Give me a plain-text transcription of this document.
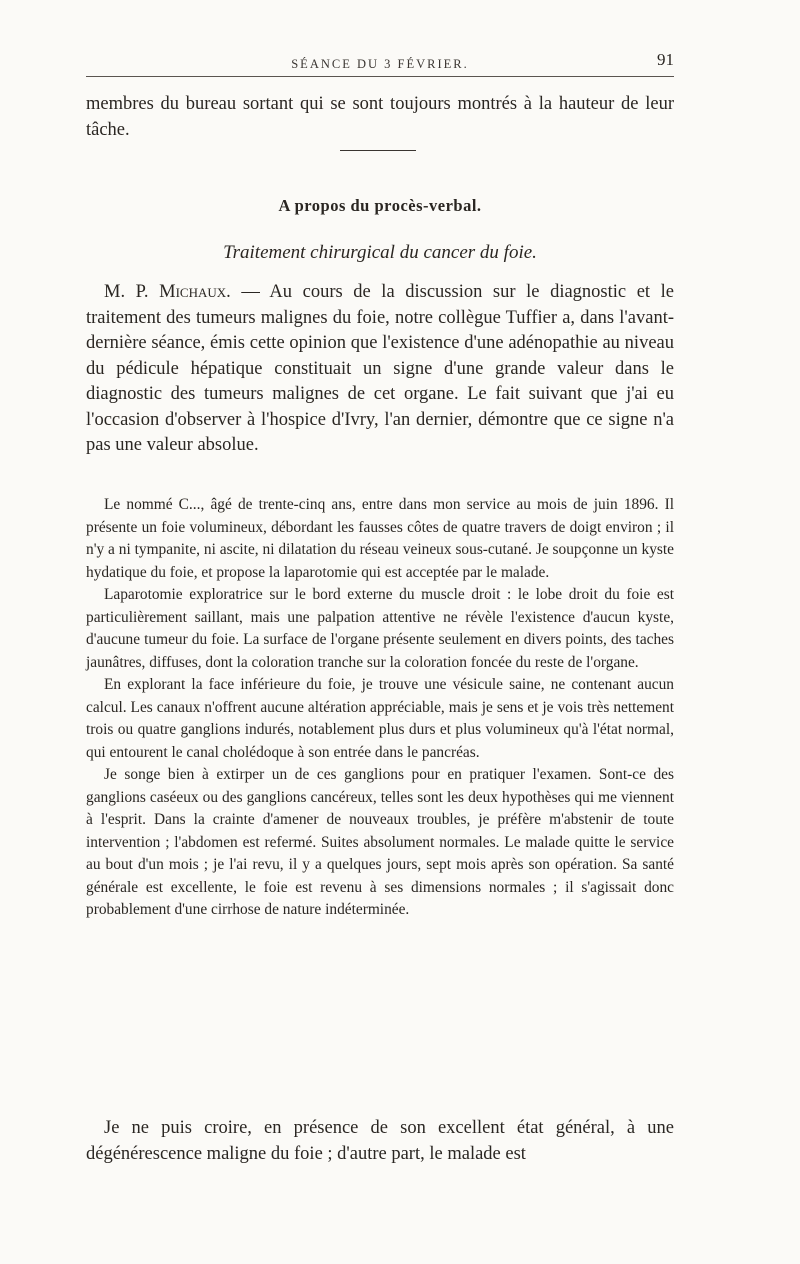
SÉANCE DU 3 FÉVRIER.	91

membres du bureau sortant qui se sont toujours montrés à la hauteur de leur tâche.

A propos du procès-verbal.
Traitement chirurgical du cancer du foie.

M. P. Michaux. — Au cours de la discussion sur le diagnostic et le traitement des tumeurs malignes du foie, notre collègue Tuffier a, dans l'avant-dernière séance, émis cette opinion que l'existence d'une adénopathie au niveau du pédicule hépatique constituait un signe d'une grande valeur dans le diagnostic des tumeurs malignes de cet organe. Le fait suivant que j'ai eu l'occasion d'observer à l'hospice d'Ivry, l'an dernier, démontre que ce signe n'a pas une valeur absolue.

Le nommé C..., âgé de trente-cinq ans, entre dans mon service au mois de juin 1896. Il présente un foie volumineux, débordant les fausses côtes de quatre travers de doigt environ ; il n'y a ni tympanite, ni ascite, ni dilatation du réseau veineux sous-cutané. Je soupçonne un kyste hydatique du foie, et propose la laparotomie qui est acceptée par le malade.

Laparotomie exploratrice sur le bord externe du muscle droit : le lobe droit du foie est particulièrement saillant, mais une palpation attentive ne révèle l'existence d'aucun kyste, d'aucune tumeur du foie. La surface de l'organe présente seulement en divers points, des taches jaunâtres, diffuses, dont la coloration tranche sur la coloration foncée du reste de l'organe.

En explorant la face inférieure du foie, je trouve une vésicule saine, ne contenant aucun calcul. Les canaux n'offrent aucune altération appréciable, mais je sens et je vois très nettement trois ou quatre ganglions indurés, notablement plus durs et plus volumineux qu'à l'état normal, qui entourent le canal cholédoque à son entrée dans le pancréas.

Je songe bien à extirper un de ces ganglions pour en pratiquer l'examen. Sont-ce des ganglions caséeux ou des ganglions cancéreux, telles sont les deux hypothèses qui me viennent à l'esprit. Dans la crainte d'amener de nouveaux troubles, je préfère m'abstenir de toute intervention ; l'abdomen est refermé. Suites absolument normales. Le malade quitte le service au bout d'un mois ; je l'ai revu, il y a quelques jours, sept mois après son opération. Sa santé générale est excellente, le foie est revenu à ses dimensions normales ; il s'agissait donc probablement d'une cirrhose de nature indéterminée.

Je ne puis croire, en présence de son excellent état général, à une dégénérescence maligne du foie ; d'autre part, le malade est
